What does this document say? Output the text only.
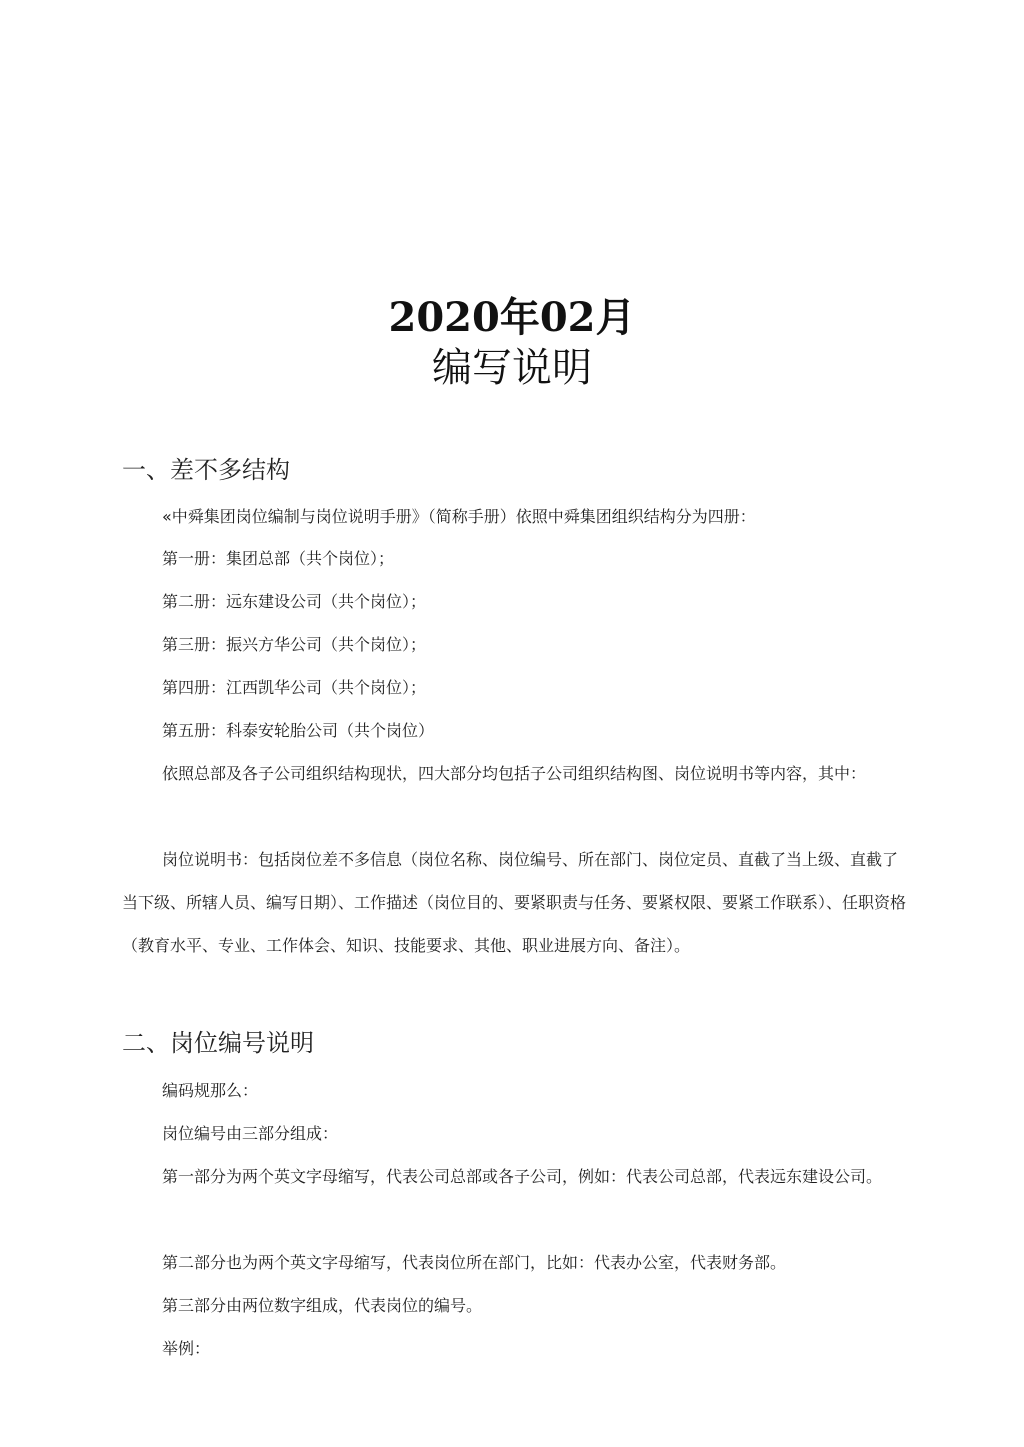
2020年02月
编写说明
一、差不多结构
«中舜集团岗位编制与岗位说明手册》（简称手册）依照中舜集团组织结构分为四册：
第一册：集团总部（共个岗位）；
第二册：远东建设公司（共个岗位）；
第三册：振兴方华公司（共个岗位）；
第四册：江西凯华公司（共个岗位）；
第五册：科泰安轮胎公司（共个岗位）

依照总部及各子公司组织结构现状，四大部分均包括子公司组织结构图、岗位说明书等内容，其中：

岗位说明书：包括岗位差不多信息（岗位名称、岗位编号、所在部门、岗位定员、直截了当上级、直截了当下级、所辖人员、编写日期）、工作描述（岗位目的、要紧职责与任务、要紧权限、要紧工作联系）、任职资格（教育水平、专业、工作体会、知识、技能要求、其他、职业进展方向、备注）。

二、岗位编号说明
编码规那么：
岗位编号由三部分组成：

第一部分为两个英文字母缩写，代表公司总部或各子公司，例如：代表公司总部，代表远东建设公司。

第二部分也为两个英文字母缩写，代表岗位所在部门，比如：代表办公室，代表财务部。
第三部分由两位数字组成，代表岗位的编号。
举例：
